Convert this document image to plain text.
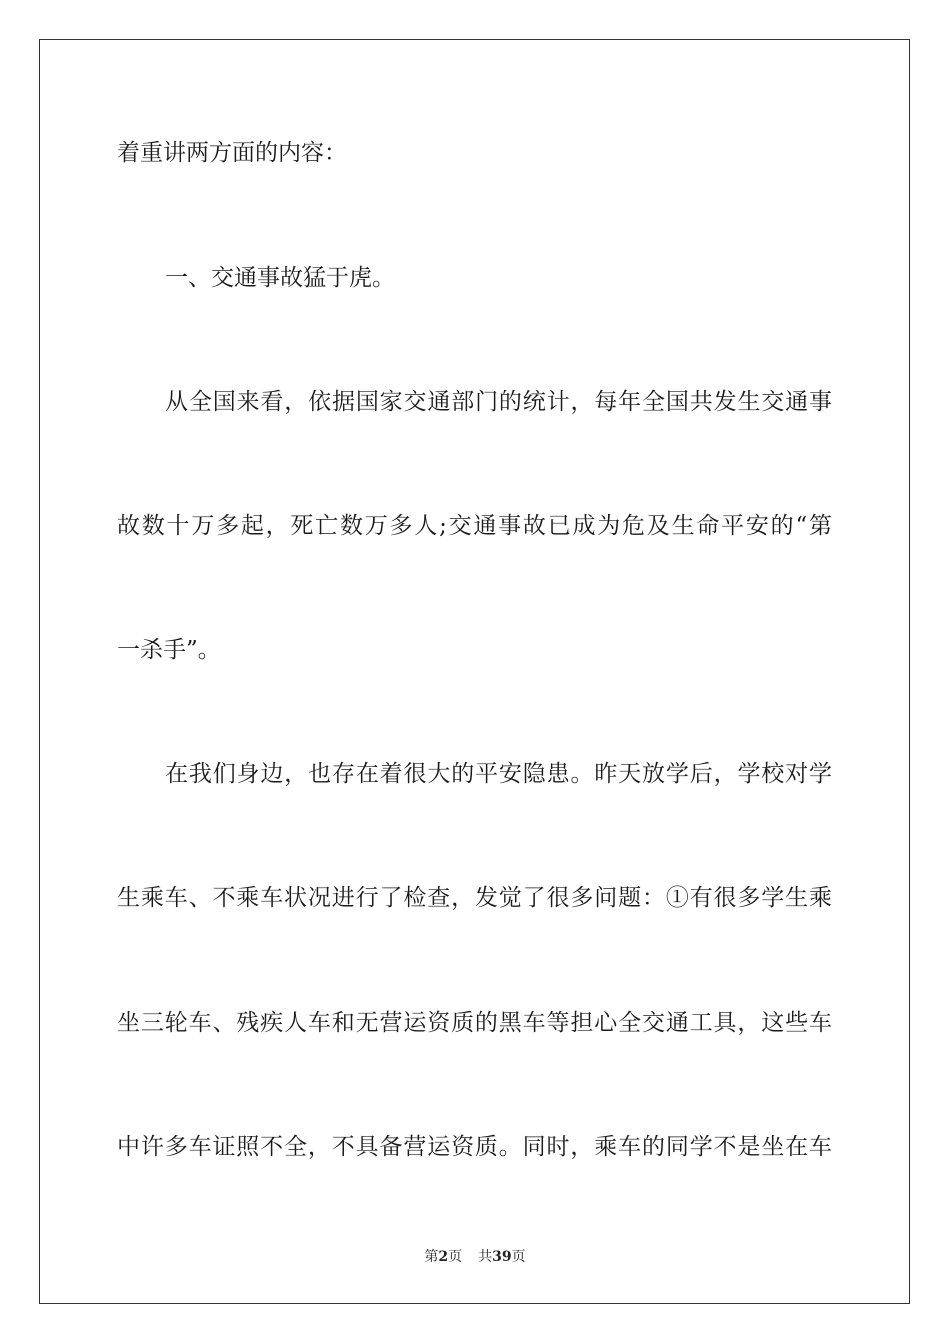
着重讲两方面的内容：
一、交通事故猛于虎。
从全国来看，依据国家交通部门的统计，每年全国共发生交通事
故数十万多起，死亡数万多人;交通事故已成为危及生命平安的“第
一杀手”。
在我们身边，也存在着很大的平安隐患。昨天放学后，学校对学
生乘车、不乘车状况进行了检查，发觉了很多问题：①有很多学生乘
坐三轮车、残疾人车和无营运资质的黑车等担心全交通工具，这些车
中许多车证照不全，不具备营运资质。同时，乘车的同学不是坐在车
第2页 共39页
